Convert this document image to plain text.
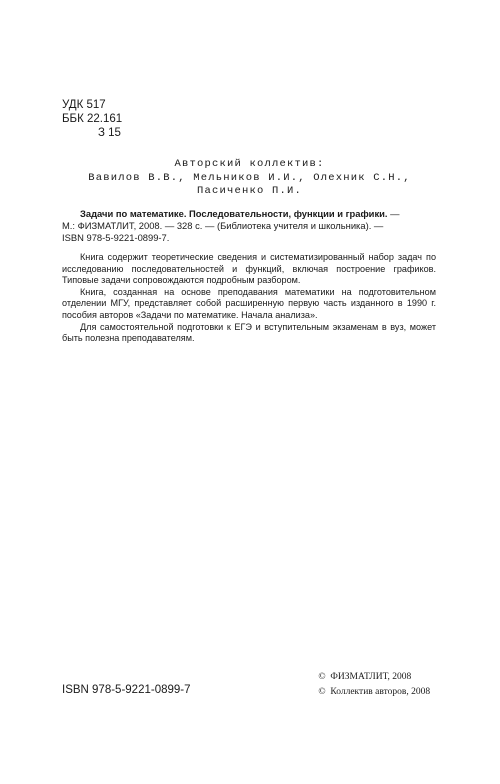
УДК 517
ББК 22.161
З 15
Авторский коллектив:
Вавилов В.В., Мельников И.И., Олехник С.Н.,
Пасиченко П.И.
Задачи по математике. Последовательности, функции и графики. —
М.: ФИЗМАТЛИТ, 2008. — 328 с. — (Библиотека учителя и школьника). —
ISBN 978-5-9221-0899-7.

Книга содержит теоретические сведения и систематизированный набор задач по исследованию последовательностей и функций, включая построение графиков. Типовые задачи сопровождаются подробным разбором.

Книга, созданная на основе преподавания математики на подготовительном отделении МГУ, представляет собой расширенную первую часть изданного в 1990 г. пособия авторов «Задачи по математике. Начала анализа».

Для самостоятельной подготовки к ЕГЭ и вступительным экзаменам в вуз, может быть полезна преподавателям.

ISBN 978-5-9221-0899-7
© ФИЗМАТЛИТ, 2008
© Коллектив авторов, 2008
